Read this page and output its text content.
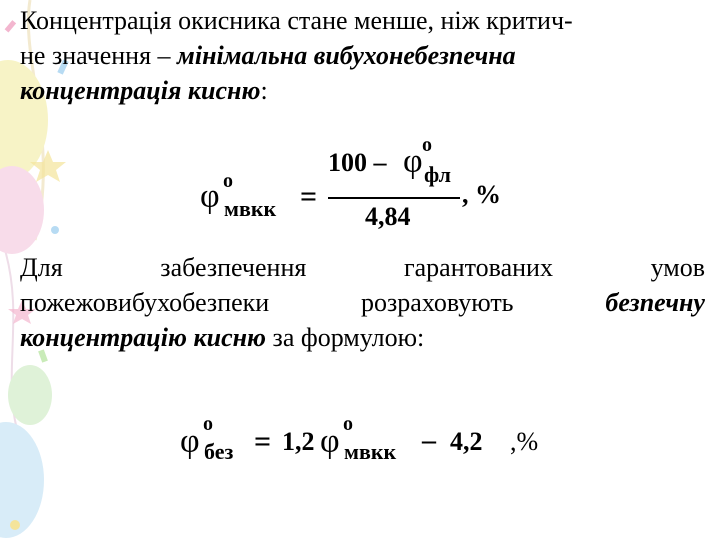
Концентрація окисника стане менше, ніж критич-
не значення – мінімальна вибухонебезпечна
концентрація кисню:
φ о
мвкк =
100 – φ о
фл
4,84
, %
Для	забезпечення	гарантованих	умов
пожежовибухобезпеки	розраховують	безпечну
концентрацію кисню за формулою:
φ о
без = 1,2 φ о
мвкк – 4,2 ,%
